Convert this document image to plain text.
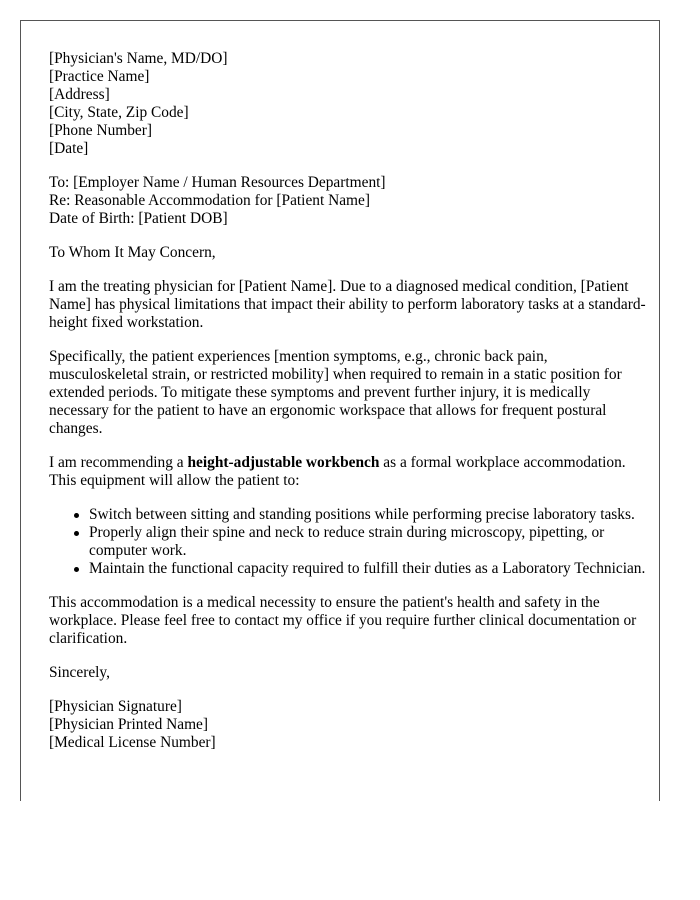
[Physician's Name, MD/DO]
[Practice Name]
[Address]
[City, State, Zip Code]
[Phone Number]
[Date]
To: [Employer Name / Human Resources Department]
Re: Reasonable Accommodation for [Patient Name]
Date of Birth: [Patient DOB]
To Whom It May Concern,

I am the treating physician for [Patient Name]. Due to a diagnosed medical condition, [Patient Name] has physical limitations that impact their ability to perform laboratory tasks at a standard-height fixed workstation.

Specifically, the patient experiences [mention symptoms, e.g., chronic back pain, musculoskeletal strain, or restricted mobility] when required to remain in a static position for extended periods. To mitigate these symptoms and prevent further injury, it is medically necessary for the patient to have an ergonomic workspace that allows for frequent postural changes.

I am recommending a height-adjustable workbench as a formal workplace accommodation. This equipment will allow the patient to:

Switch between sitting and standing positions while performing precise laboratory tasks.
Properly align their spine and neck to reduce strain during microscopy, pipetting, or computer work.
Maintain the functional capacity required to fulfill their duties as a Laboratory Technician.

This accommodation is a medical necessity to ensure the patient's health and safety in the workplace. Please feel free to contact my office if you require further clinical documentation or clarification.

Sincerely,
[Physician Signature]
[Physician Printed Name]
[Medical License Number]
